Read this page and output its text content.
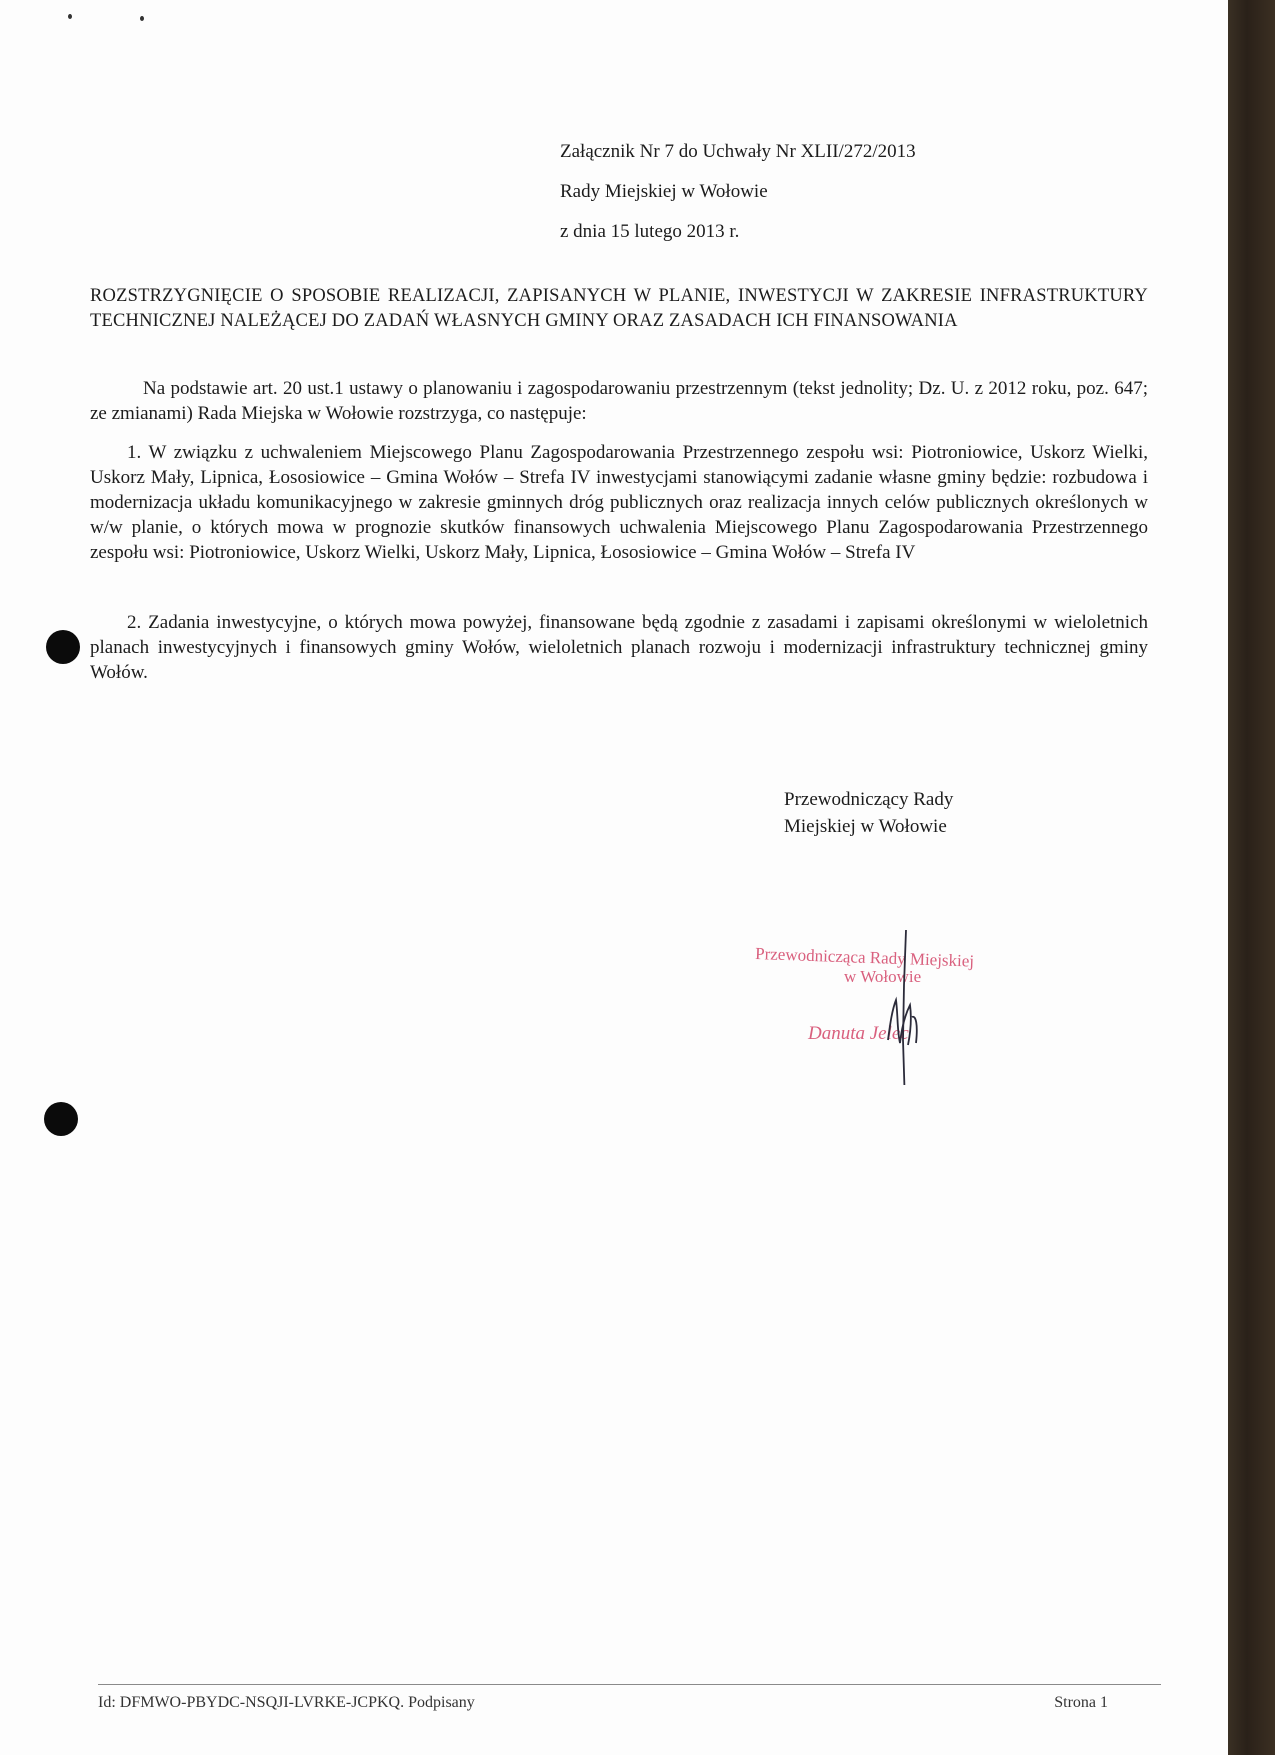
Załącznik Nr 7 do Uchwały Nr XLII/272/2013
Rady Miejskiej w Wołowie
z dnia 15 lutego 2013 r.
ROZSTRZYGNIĘCIE O SPOSOBIE REALIZACJI, ZAPISANYCH W PLANIE, INWESTYCJI W ZAKRESIE INFRASTRUKTURY TECHNICZNEJ NALEŻĄCEJ DO ZADAŃ WŁASNYCH GMINY ORAZ ZASADACH ICH FINANSOWANIA
Na podstawie art. 20 ust.1 ustawy o planowaniu i zagospodarowaniu przestrzennym (tekst jednolity; Dz. U. z 2012 roku, poz. 647; ze zmianami) Rada Miejska w Wołowie rozstrzyga, co następuje:
1. W związku z uchwaleniem Miejscowego Planu Zagospodarowania Przestrzennego zespołu wsi: Piotroniowice, Uskorz Wielki, Uskorz Mały, Lipnica, Łososiowice – Gmina Wołów – Strefa IV inwestycjami stanowiącymi zadanie własne gminy będzie: rozbudowa i modernizacja układu komunikacyjnego w zakresie gminnych dróg publicznych oraz realizacja innych celów publicznych określonych w w/w planie, o których mowa w prognozie skutków finansowych uchwalenia Miejscowego Planu Zagospodarowania Przestrzennego zespołu wsi: Piotroniowice, Uskorz Wielki, Uskorz Mały, Lipnica, Łososiowice – Gmina Wołów – Strefa IV
2. Zadania inwestycyjne, o których mowa powyżej, finansowane będą zgodnie z zasadami i zapisami określonymi w wieloletnich planach inwestycyjnych i finansowych gminy Wołów, wieloletnich planach rozwoju i modernizacji infrastruktury technicznej gminy Wołów.
Przewodniczący Rady
Miejskiej w Wołowie
Przewodnicząca Rady Miejskiej
w Wołowie
Danuta Jelec
Id: DFMWO-PBYDC-NSQJI-LVRKE-JCPKQ. Podpisany	Strona 1
